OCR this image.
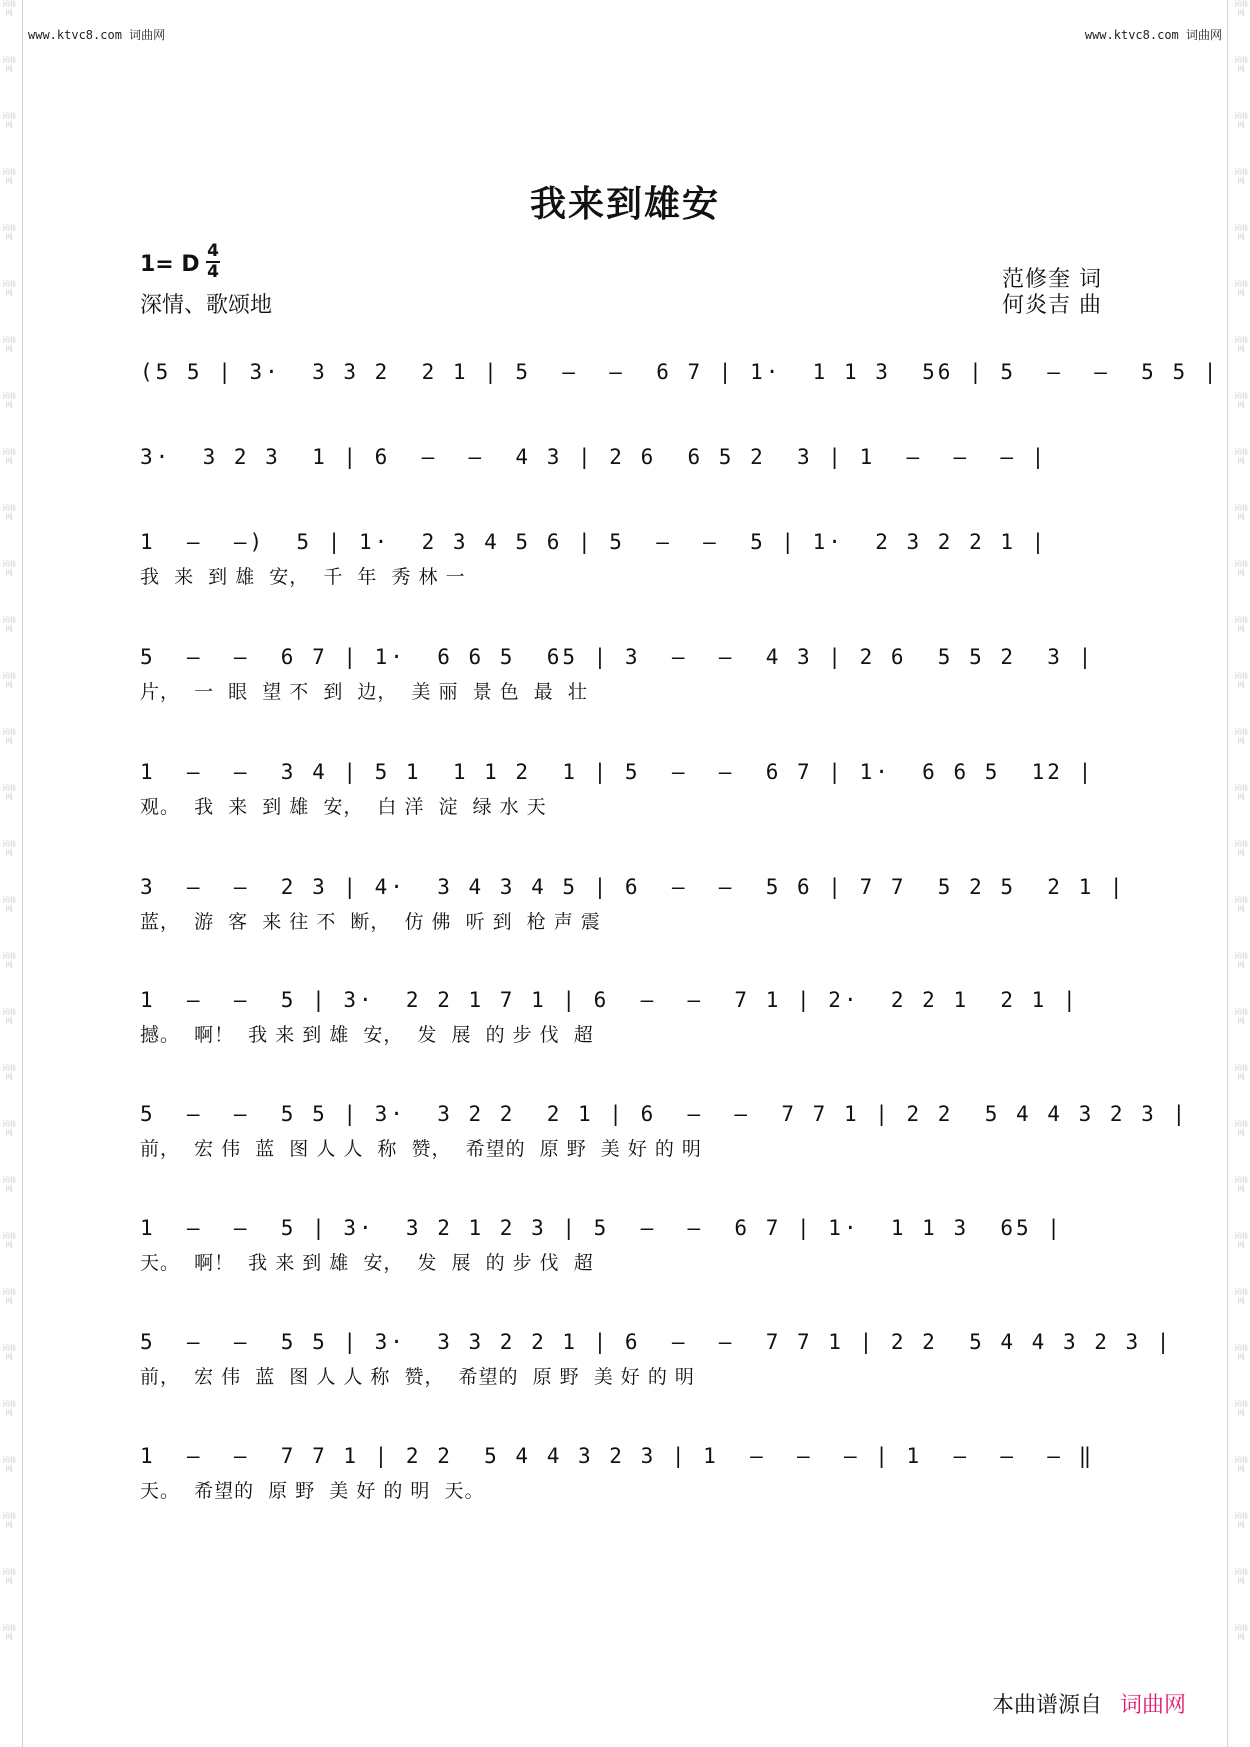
词曲网
词曲网
词曲网
词曲网
词曲网
词曲网
词曲网
词曲网
词曲网
词曲网
词曲网
词曲网
词曲网
词曲网
词曲网
词曲网
词曲网
词曲网
词曲网
词曲网
词曲网
词曲网
词曲网
词曲网
词曲网
词曲网
词曲网
词曲网
词曲网
词曲网
词曲网
词曲网
词曲网
词曲网
词曲网
词曲网
词曲网
词曲网
词曲网
词曲网
词曲网
词曲网
词曲网
词曲网
词曲网
词曲网
词曲网
词曲网
词曲网
词曲网
词曲网
词曲网
词曲网
词曲网
词曲网
词曲网
词曲网
词曲网
词曲网
词曲网
www.ktvc8.com 词曲网	www.ktvc8.com 词曲网
我来到雄安
1= D
4
4
深情、歌颂地
范修奎 词
何炎吉 曲
(5 5 | 3·  3 3 2  2 1 | 5  –  –  6 7 | 1·  1 1 3  56 | 5  –  –  5 5 |
3·  3 2 3  1 | 6  –  –  4 3 | 2 6  6 5 2  3 | 1  –  –  – |
1  –  –)  5 | 1·  2 3 4 5 6 | 5  –  –  5 | 1·  2 3 2 2 1 |
我  来  到 雄  安，  千  年  秀 林 一
5  –  –  6 7 | 1·  6 6 5  65 | 3  –  –  4 3 | 2 6  5 5 2  3 |
片，  一  眼  望 不  到  边，  美 丽  景 色  最  壮
1  –  –  3 4 | 5 1  1 1 2  1 | 5  –  –  6 7 | 1·  6 6 5  12 |
观。  我  来  到 雄  安，  白 洋  淀  绿 水 天
3  –  –  2 3 | 4·  3 4 3 4 5 | 6  –  –  5 6 | 7 7  5 2 5  2 1 |
蓝，  游  客  来 往 不  断，  仿 佛  听 到  枪 声 震
1  –  –  5 | 3·  2 2 1 7 1 | 6  –  –  7 1 | 2·  2 2 1  2 1 |
撼。  啊！  我 来 到 雄  安，  发  展  的 步 伐  超
5  –  –  5 5 | 3·  3 2 2  2 1 | 6  –  –  7 7 1 | 2 2  5 4 4 3 2 3 |
前，  宏 伟  蓝  图 人 人  称  赞，  希望的  原 野  美 好 的 明
1  –  –  5 | 3·  3 2 1 2 3 | 5  –  –  6 7 | 1·  1 1 3  65 |
天。  啊！  我 来 到 雄  安，  发  展  的 步 伐  超
5  –  –  5 5 | 3·  3 3 2 2 1 | 6  –  –  7 7 1 | 2 2  5 4 4 3 2 3 |
前，  宏 伟  蓝  图 人 人 称  赞，  希望的  原 野  美 好 的 明
1  –  –  7 7 1 | 2 2  5 4 4 3 2 3 | 1  –  –  – | 1  –  –  – ‖
天。  希望的  原 野  美 好 的 明  天。
本曲谱源自 词曲网
